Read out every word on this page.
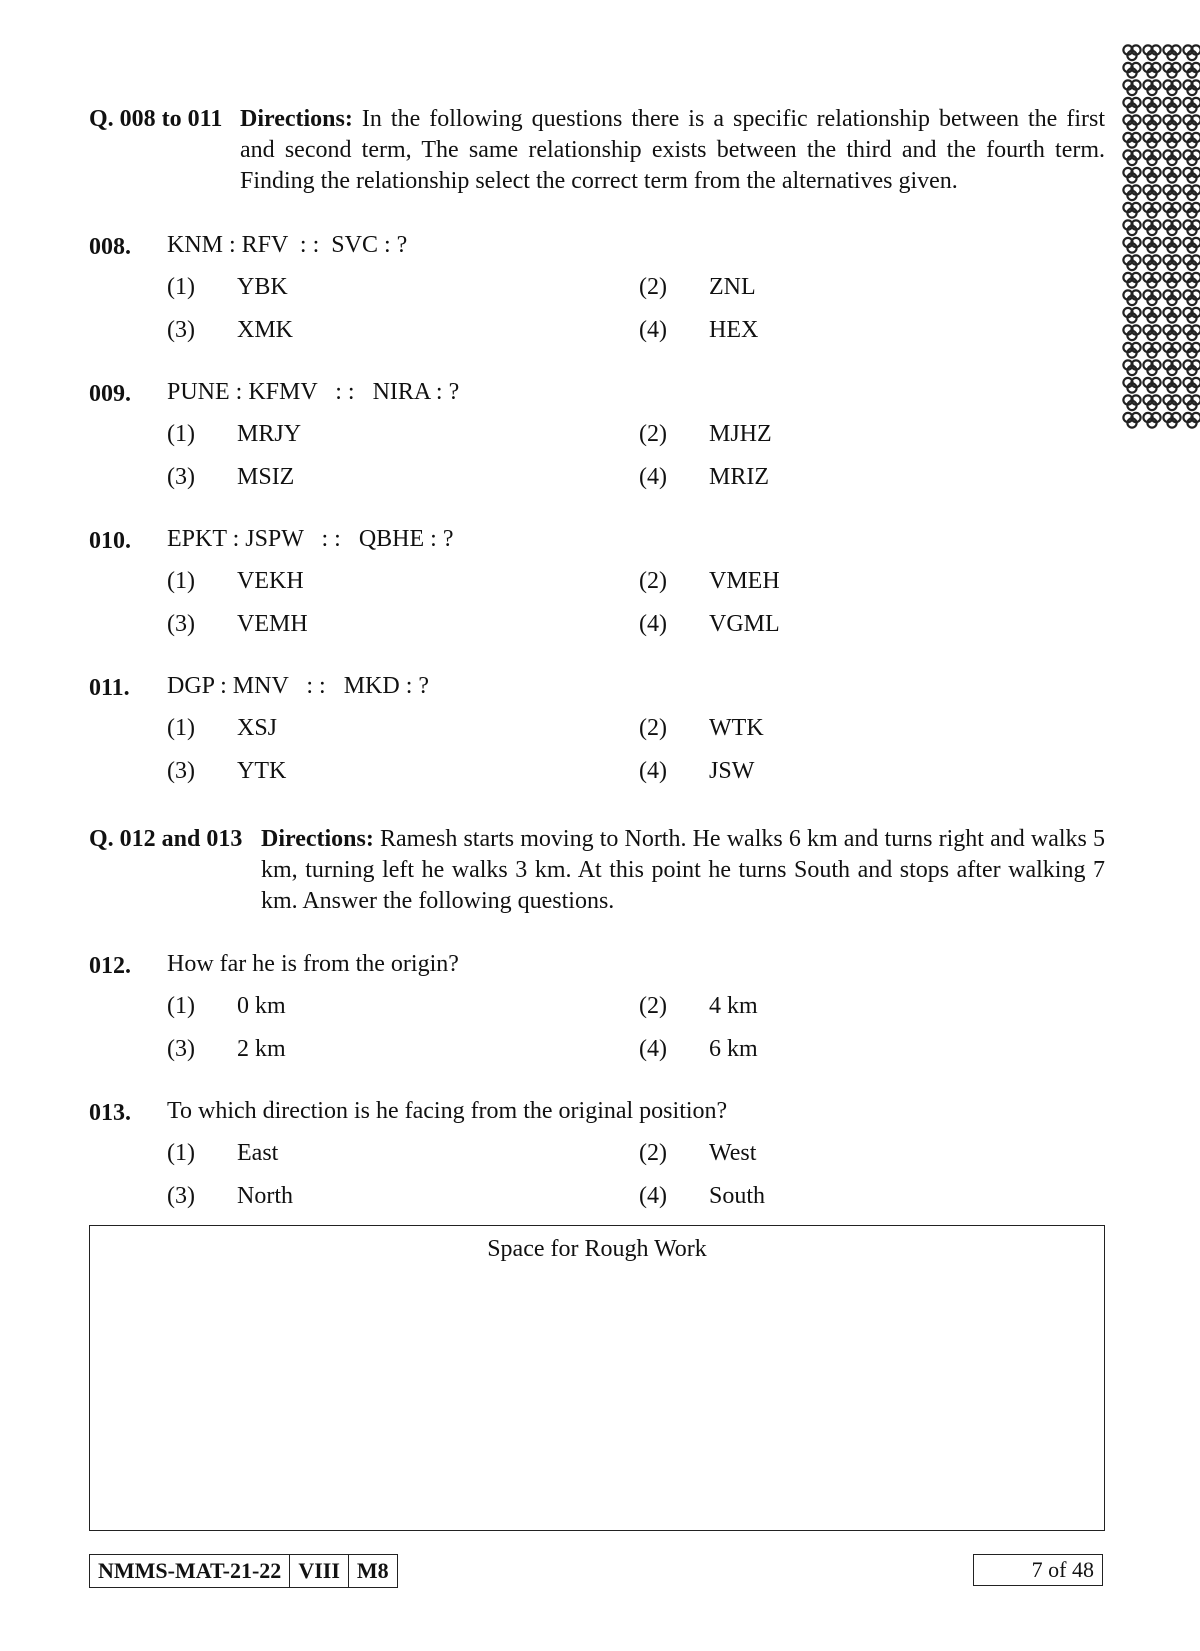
Q. 008 to 011 Directions: In the following questions there is a specific relationship between the first and second term, The same relationship exists between the third and the fourth term. Finding the relationship select the correct term from the alternatives given.
008. KNM : RFV  : :  SVC : ?
(1) YBK	(2) ZNL
(3) XMK	(4) HEX
009. PUNE : KFMV   : :   NIRA : ?
(1) MRJY	(2) MJHZ
(3) MSIZ	(4) MRIZ
010. EPKT : JSPW   : :   QBHE : ?
(1) VEKH	(2) VMEH
(3) VEMH	(4) VGML
011. DGP : MNV   : :   MKD : ?
(1) XSJ	(2) WTK
(3) YTK	(4) JSW
Q. 012 and 013 Directions: Ramesh starts moving to North. He walks 6 km and turns right and walks 5 km, turning left he walks 3 km. At this point he turns South and stops after walking 7 km. Answer the following questions.
012. How far he is from the origin?
(1) 0 km	(2) 4 km
(3) 2 km	(4) 6 km
013. To which direction is he facing from the original position?
(1) East	(2) West
(3) North	(4) South
Space for Rough Work
NMMS-MAT-21-22 VIII M8	7 of 48
